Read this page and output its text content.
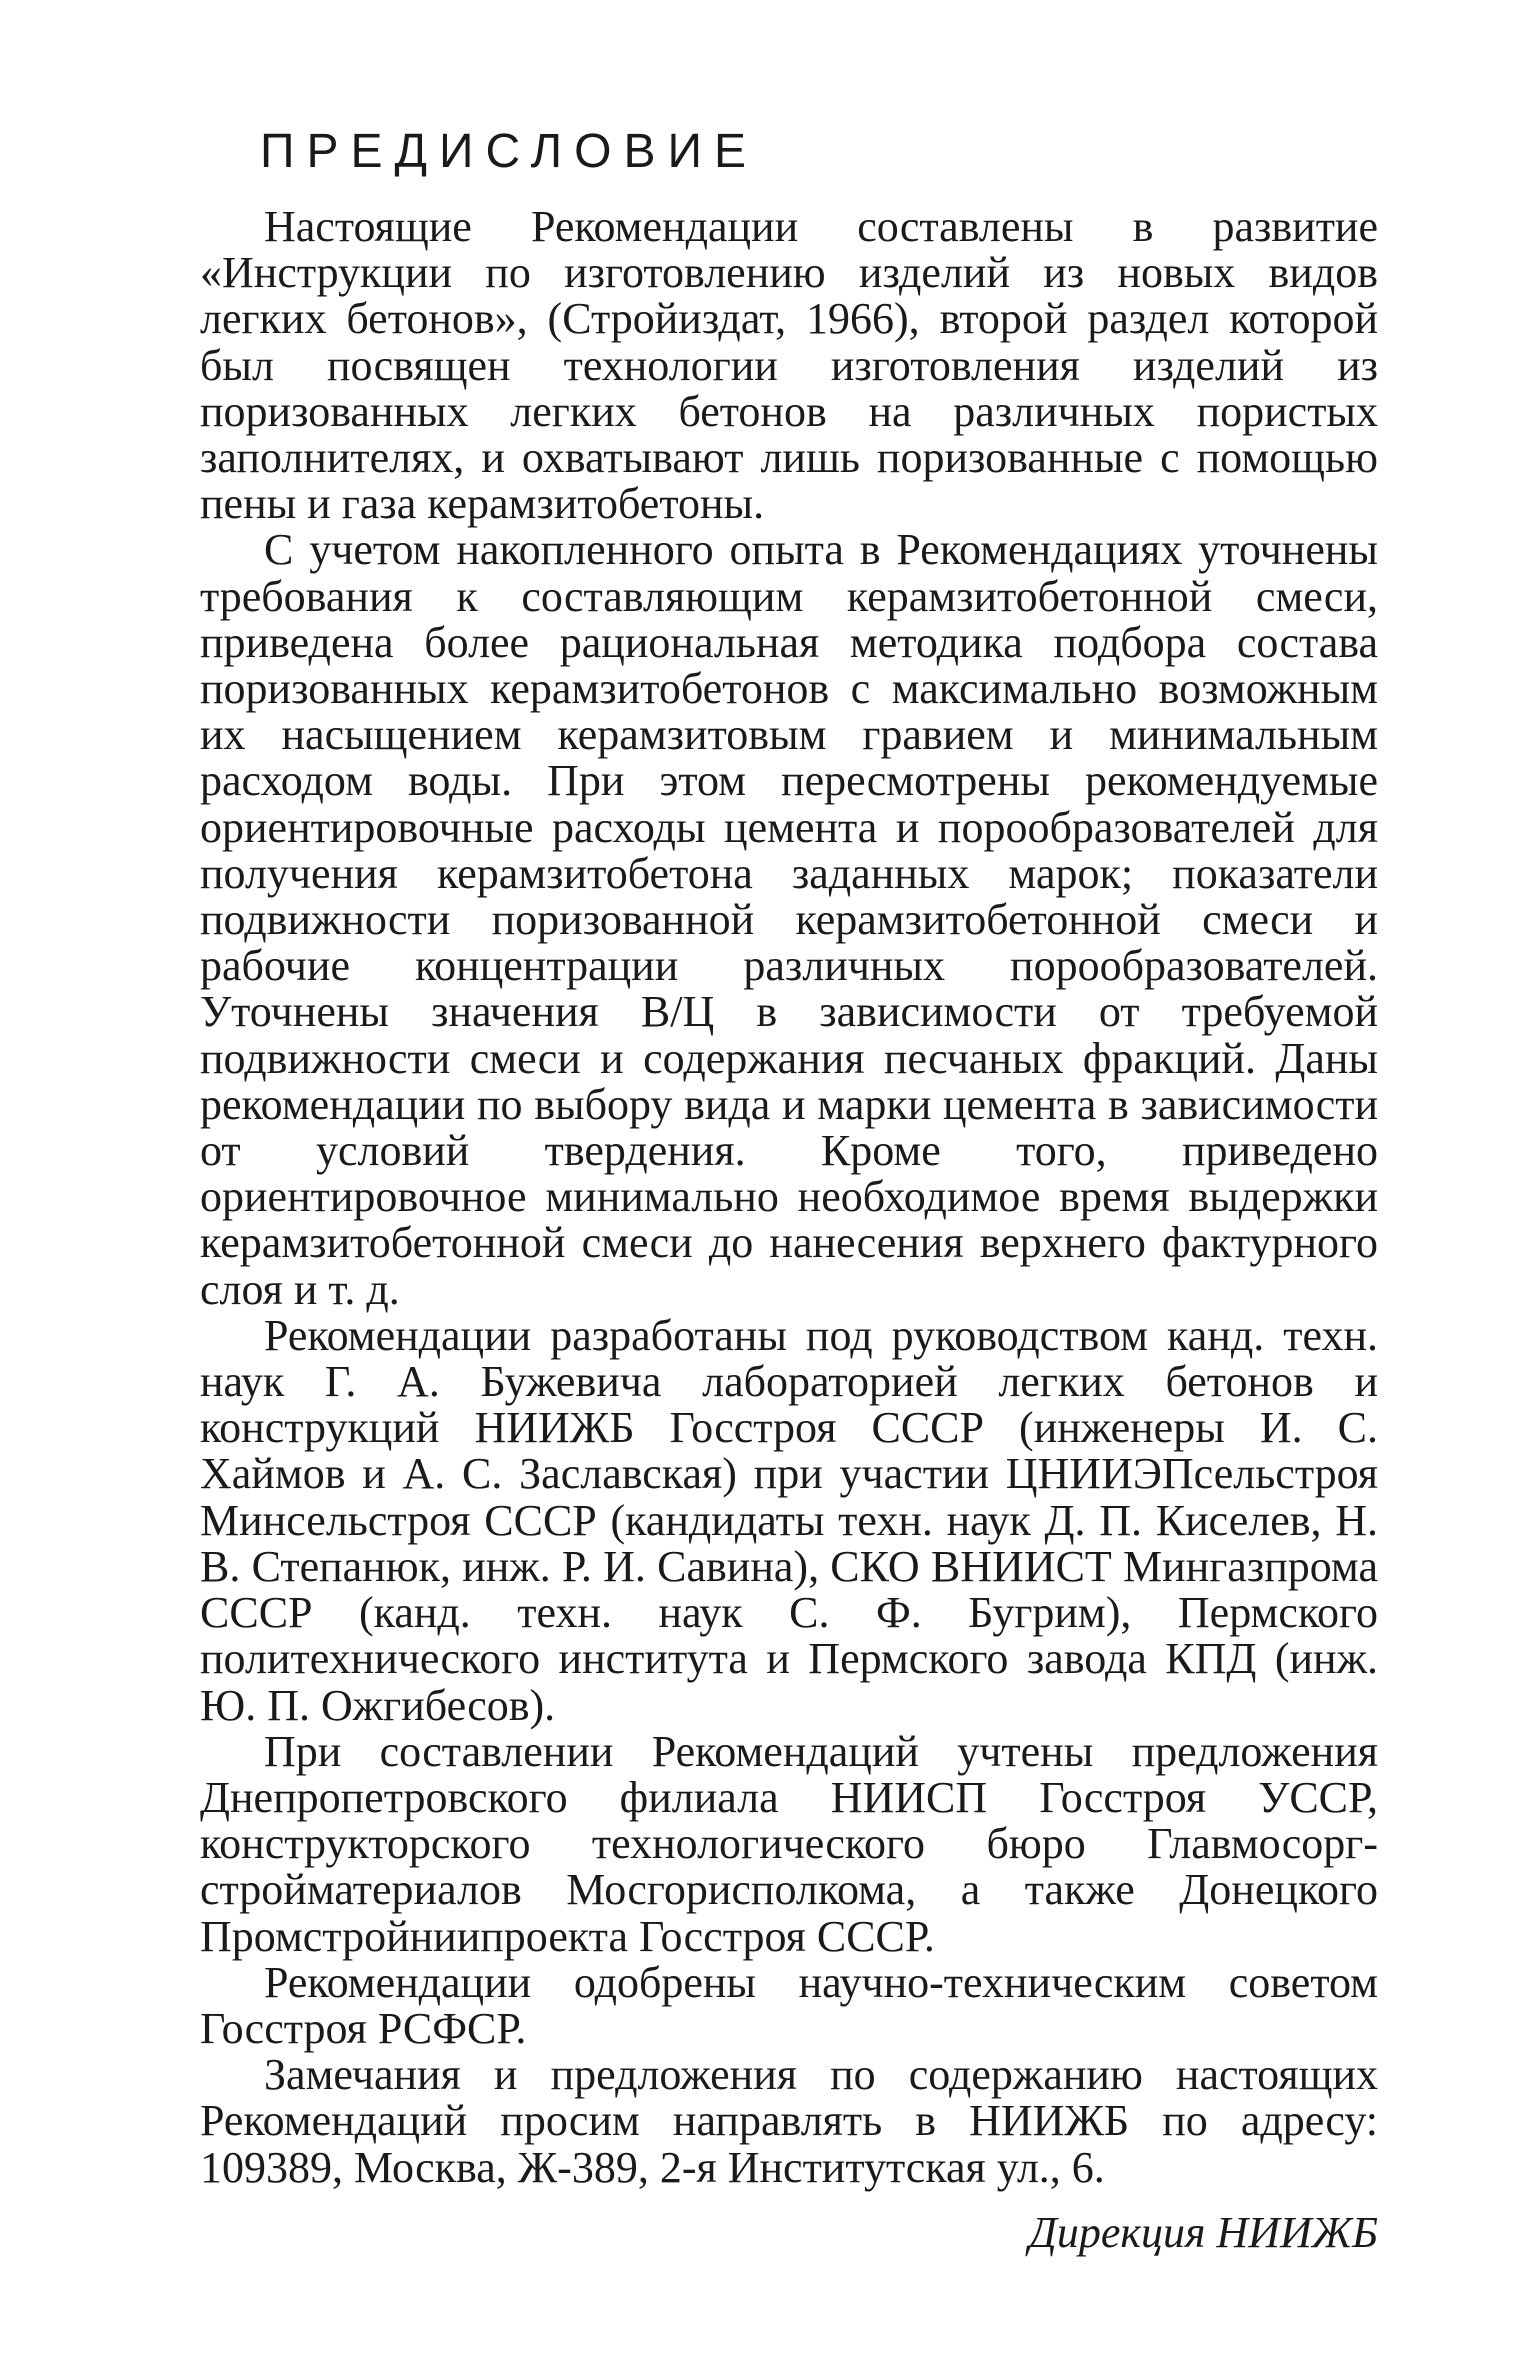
ПРЕДИСЛОВИЕ

Настоящие Рекомендации составлены в развитие «Инструкции по изготовлению изделий из новых видов легких бетонов», (Стройиздат, 1966), второй раздел которой был посвящен технологии изготовления изделий из поризованных легких бетонов на различных пористых заполнителях, и охватывают лишь поризованные с помощью пены и газа керамзитобетоны.

С учетом накопленного опыта в Рекомендациях уточнены требования к составляющим керамзитобетонной смеси, приведена более рациональная методика подбора состава поризованных керамзитобетонов с максимально возможным их насыщением керамзитовым гравием и минимальным расходом воды. При этом пересмотрены рекомендуемые ориентировочные расходы цемента и порообразователей для получения керамзитобетона заданных марок; показатели подвижности поризованной керамзитобетонной смеси и рабочие концентрации различных порообразователей. Уточнены значения В/Ц в зависимости от требуемой подвижности смеси и содержания песчаных фракций. Даны рекомендации по выбору вида и марки цемента в зависимости от условий твердения. Кроме того, приведено ориентировочное минимально необходимое время выдержки керамзитобетонной смеси до нанесения верхнего фактурного слоя и т. д.

Рекомендации разработаны под руководством канд. техн. наук Г. А. Бужевича лабораторией легких бетонов и конструкций НИИЖБ Госстроя СССР (инженеры И. С. Хаймов и А. С. Заславская) при участии ЦНИИЭПсельстроя Минсельстроя СССР (кандидаты техн. наук Д. П. Киселев, Н. В. Степанюк, инж. Р. И. Савина), СКО ВНИИСТ Мингазпрома СССР (канд. техн. наук С. Ф. Бугрим), Пермского политехнического института и Пермского завода КПД (инж. Ю. П. Ожгибесов).

При составлении Рекомендаций учтены предложения Днепропетровского филиала НИИСП Госстроя УССР, конструкторского технологического бюро Главмосоргстройматериалов Мосгорисполкома, а также Донецкого Промстройниипроекта Госстроя СССР.

Рекомендации одобрены научно-техническим советом Госстроя РСФСР.

Замечания и предложения по содержанию настоящих Рекомендаций просим направлять в НИИЖБ по адресу: 109389, Москва, Ж-389, 2-я Институтская ул., 6.

Дирекция НИИЖБ
